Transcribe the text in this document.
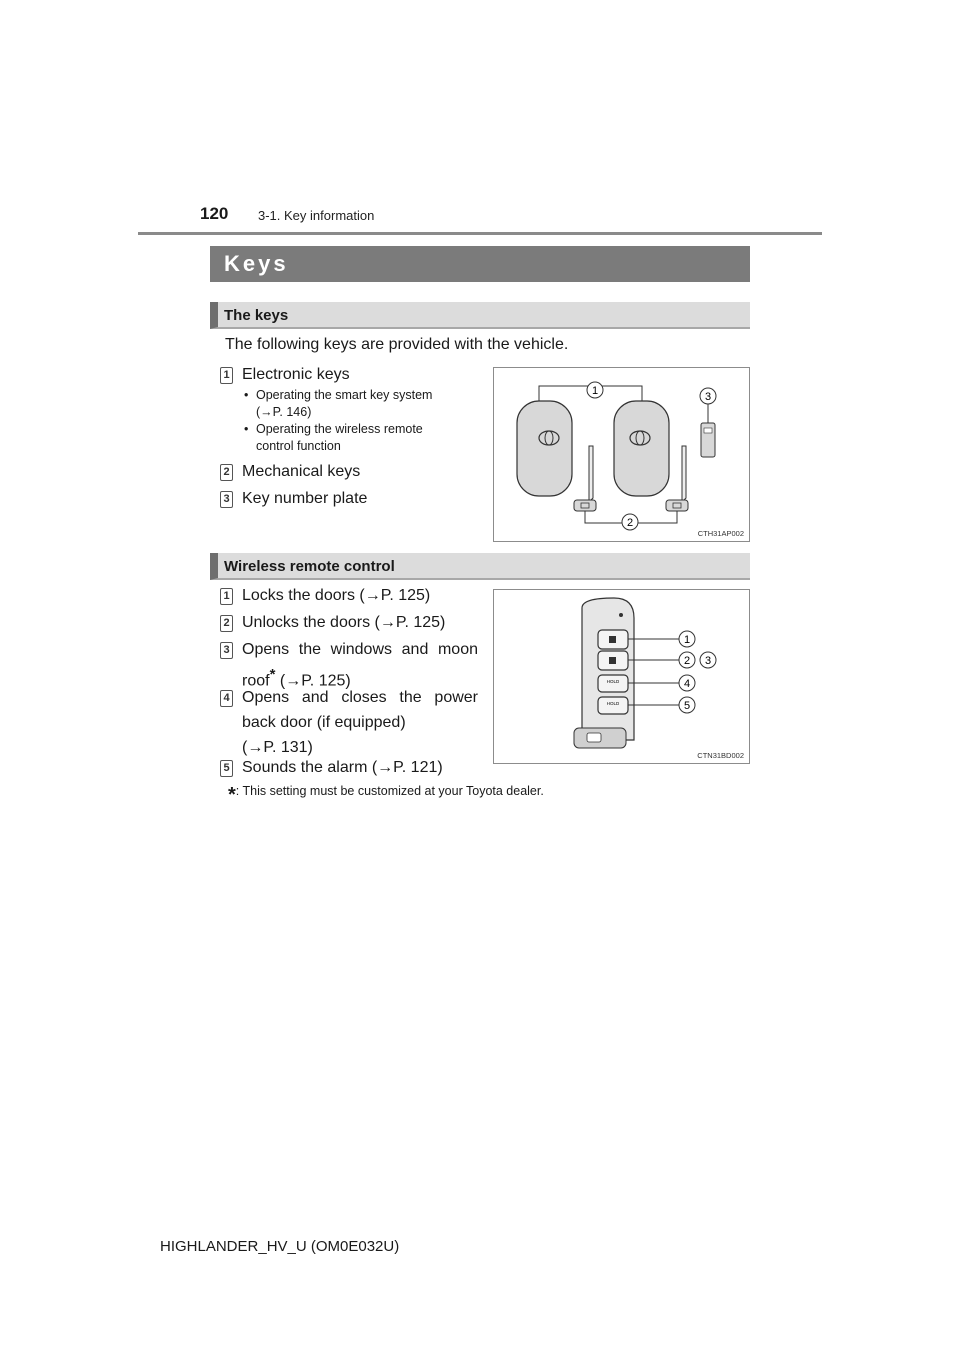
120 3-1. Key information
Keys
The keys
The following keys are provided with the vehicle.
1 Electronic keys
• Operating the smart key system
(→P. 146)
• Operating the wireless remote
control function
2 Mechanical keys
3 Key number plate
1	3
2
CTH31AP002
Wireless remote control
1 Locks the doors (→P. 125)
2 Unlocks the doors (→P. 125)
3 Opens the windows and moon
roof* (→P. 125)
4 Opens and closes the power
back door (if equipped)
(→P. 131)
5 Sounds the alarm (→P. 121)
HOLD
HOLD
1
2 3
4
5
CTN31BD002
*: This setting must be customized at your Toyota dealer.
HIGHLANDER_HV_U (OM0E032U)
